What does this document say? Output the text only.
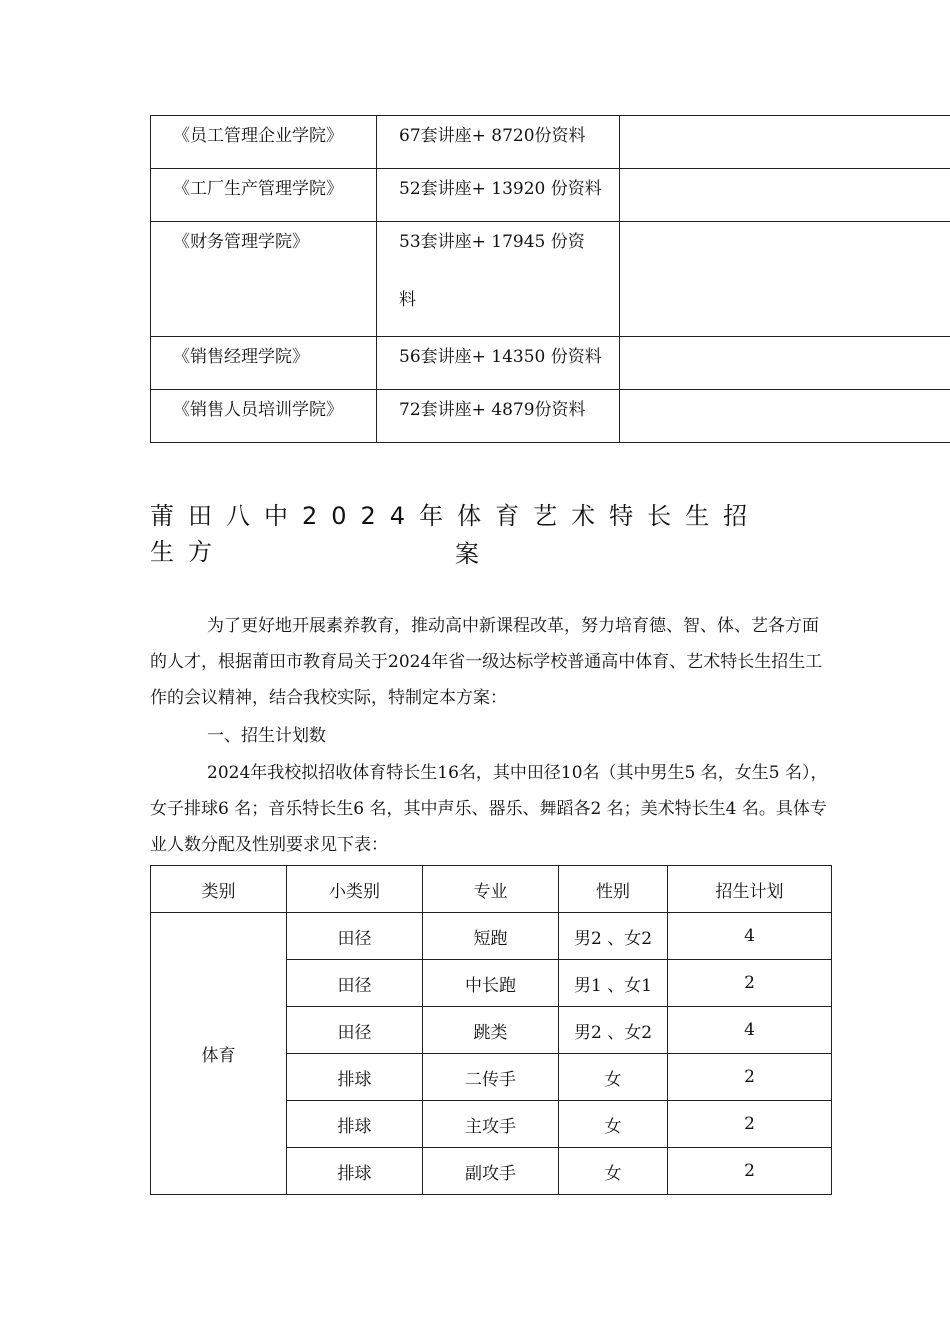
《员工管理企业学院》	67套讲座+ 8720份资料	
《工厂生产管理学院》	52套讲座+ 13920 份资料	
《财务管理学院》	53套讲座+ 17945 份资
料	

《销售经理学院》	56套讲座+ 14350 份资料	
《销售人员培训学院》	72套讲座+ 4879份资料	
莆田八中2024年体育艺术特长生招生方	案

为了更好地开展素养教育，推动高中新课程改革，努力培育德、智、体、艺各方面的人才，根据莆田市教育局关于2024年省一级达标学校普通高中体育、艺术特长生招生工作的会议精神，结合我校实际，特制定本方案：

一、招生计划数

2024年我校拟招收体育特长生16名，其中田径10名（其中男生5 名，女生5 名），女子排球6 名；音乐特长生6 名，其中声乐、器乐、舞蹈各2 名；美术特长生4 名。具体专业人数分配及性别要求见下表：

类别	小类别	专业	性别	招生计划
体育	田径	短跑	男2 、女2	4
	田径	中长跑	男1 、女1	2
	田径	跳类	男2 、女2	4
	排球	二传手	女	2
	排球	主攻手	女	2
	排球	副攻手	女	2
